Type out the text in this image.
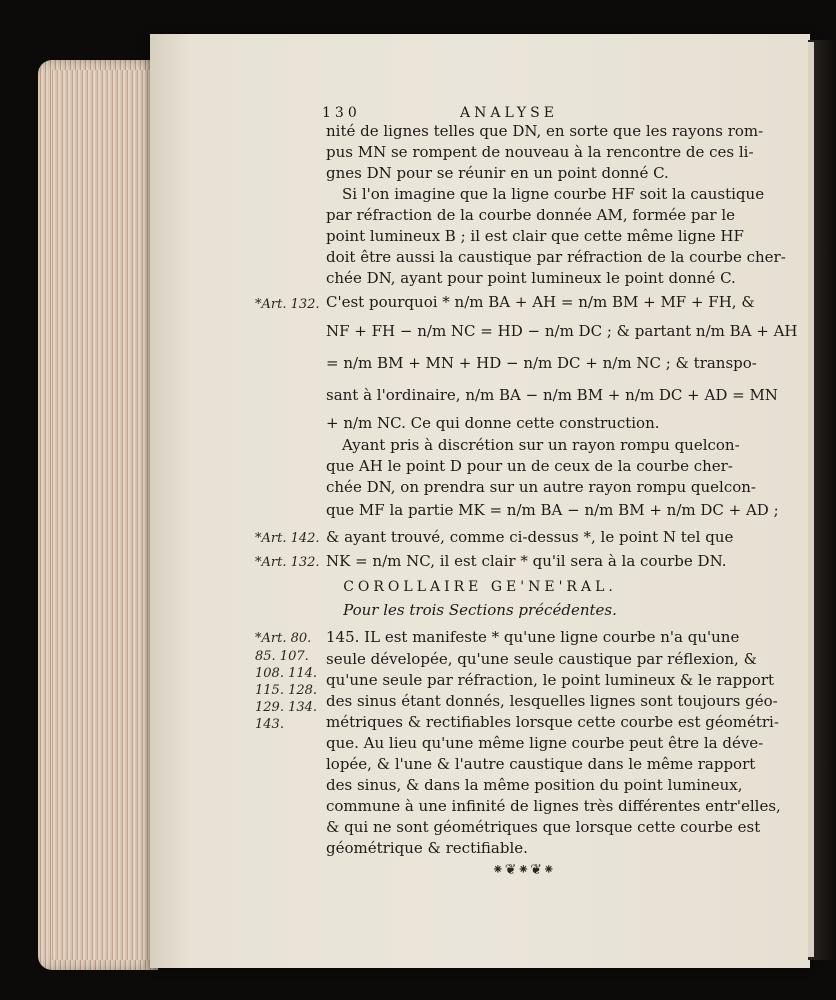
130	ANALYSE

nité de lignes telles que DN, en sorte que les rayons rom-

pus MN se rompent de nouveau à la rencontre de ces li-

gnes DN pour se réunir en un point donné C.

Si l'on imagine que la ligne courbe HF soit la caustique

par réfraction de la courbe donnée AM, formée par le

point lumineux B ; il est clair que cette même ligne HF

doit être aussi la caustique par réfraction de la courbe cher-

chée DN, ayant pour point lumineux le point donné C.

C'est pourquoi * n/m BA + AH = n/m BM + MF + FH, &

NF + FH − n/m NC = HD − n/m DC ; & partant n/m BA + AH

= n/m BM + MN + HD − n/m DC + n/m NC ; & transpo-

sant à l'ordinaire, n/m BA − n/m BM + n/m DC + AD = MN

+ n/m NC. Ce qui donne cette construction.

Ayant pris à discrétion sur un rayon rompu quelcon-

que AH le point D pour un de ceux de la courbe cher-

chée DN, on prendra sur un autre rayon rompu quelcon-

que MF la partie MK = n/m BA − n/m BM + n/m DC + AD ;

& ayant trouvé, comme ci-dessus *, le point N tel que

NK = n/m NC, il est clair * qu'il sera à la courbe DN.

COROLLAIRE GE'NE'RAL.

Pour les trois Sections précédentes.

145. IL est manifeste * qu'une ligne courbe n'a qu'une

seule dévelopée, qu'une seule caustique par réflexion, &

qu'une seule par réfraction, le point lumineux & le rapport

des sinus étant donnés, lesquelles lignes sont toujours géo-

métriques & rectifiables lorsque cette courbe est géométri-

que. Au lieu qu'une même ligne courbe peut être la déve-

lopée, & l'une & l'autre caustique dans le même rapport

des sinus, & dans la même position du point lumineux,

commune à une infinité de lignes très différentes entr'elles,

& qui ne sont géométriques que lorsque cette courbe est

géométrique & rectifiable.

⁕❦⁕❦⁕

*Art. 132.

*Art. 142.

*Art. 132.

*Art. 80.

85. 107.

108. 114.

115. 128.

129. 134.

143.
